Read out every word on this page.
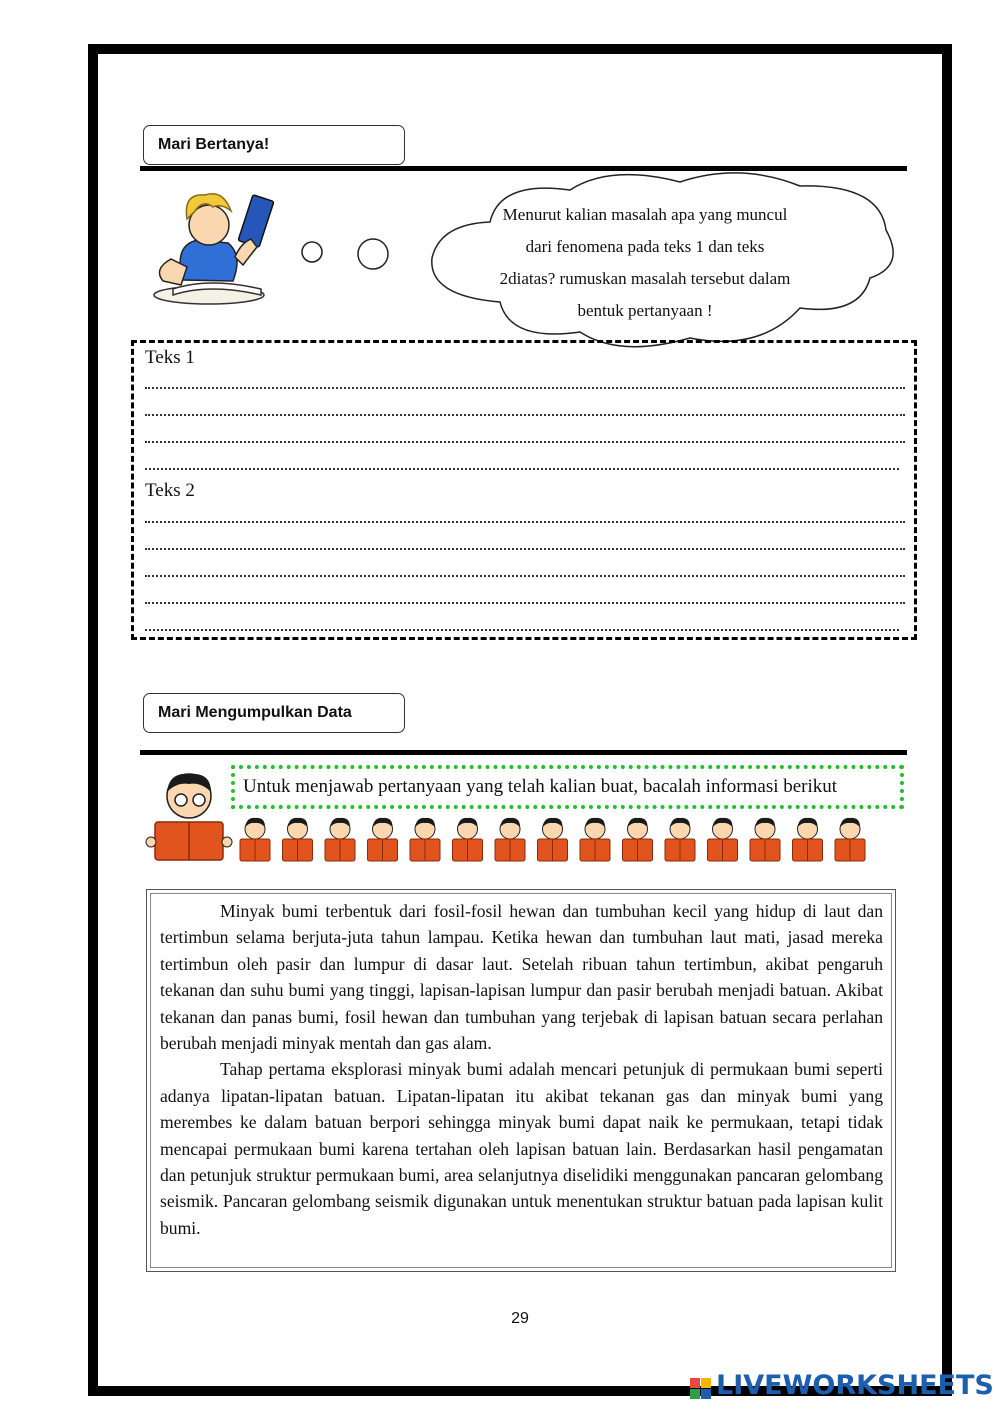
Mari Bertanya!
Menurut kalian masalah apa yang muncul dari fenomena pada teks 1 dan teks 2diatas? rumuskan masalah tersebut dalam bentuk pertanyaan !
Teks 1
Teks 2
Mari Mengumpulkan Data
Untuk menjawab pertanyaan yang telah kalian buat, bacalah informasi berikut

Minyak bumi terbentuk dari fosil-fosil hewan dan tumbuhan kecil yang hidup di laut dan tertimbun selama berjuta-juta tahun lampau. Ketika hewan dan tumbuhan laut mati, jasad mereka tertimbun oleh pasir dan lumpur di dasar laut. Setelah ribuan tahun tertimbun, akibat pengaruh tekanan dan suhu bumi yang tinggi, lapisan-lapisan lumpur dan pasir berubah menjadi batuan. Akibat tekanan dan panas bumi, fosil hewan dan tumbuhan yang terjebak di lapisan batuan secara perlahan berubah menjadi minyak mentah dan gas alam.

Tahap pertama eksplorasi minyak bumi adalah mencari petunjuk di permukaan bumi seperti adanya lipatan-lipatan batuan. Lipatan-lipatan itu akibat tekanan gas dan minyak bumi yang merembes ke dalam batuan berpori sehingga minyak bumi dapat naik ke permukaan, tetapi tidak mencapai permukaan bumi karena tertahan oleh lapisan batuan lain. Berdasarkan hasil pengamatan dan petunjuk struktur permukaan bumi, area selanjutnya diselidiki menggunakan pancaran gelombang seismik. Pancaran gelombang seismik digunakan untuk menentukan struktur batuan pada lapisan kulit bumi.

29
LIVEWORKSHEETS
